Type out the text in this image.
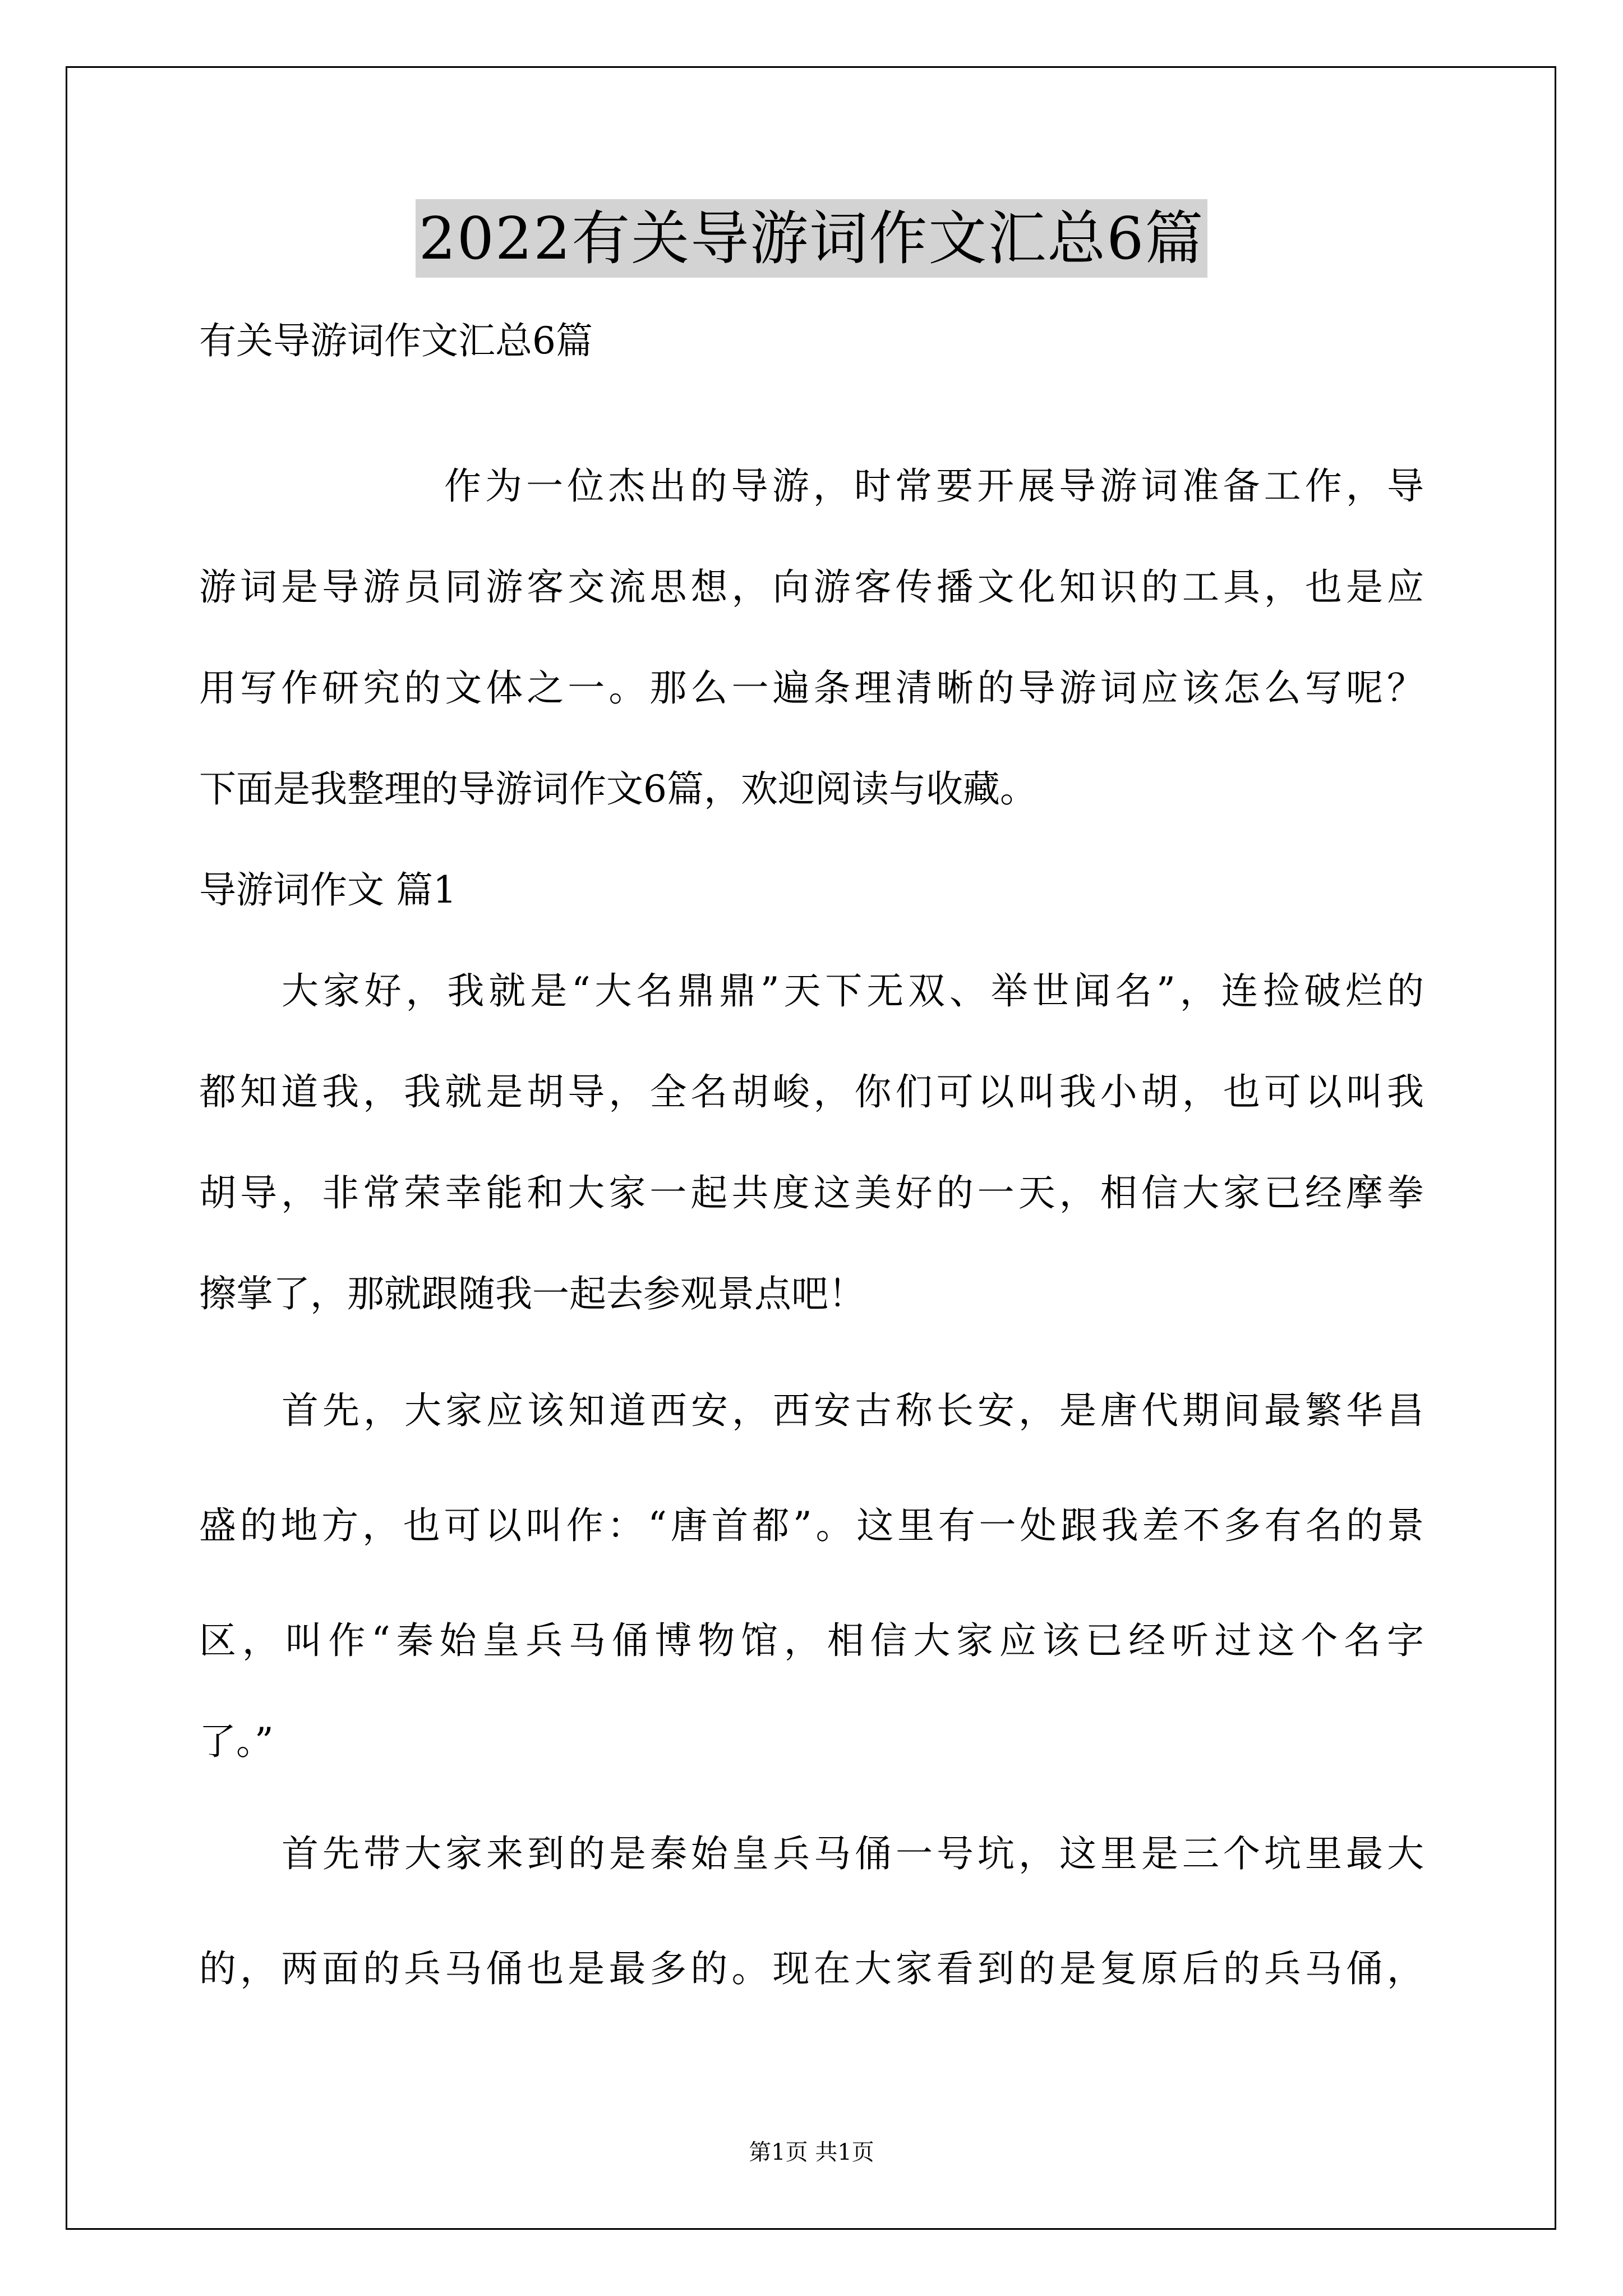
2022有关导游词作文汇总6篇
有关导游词作文汇总6篇
作为一位杰出的导游，时常要开展导游词准备工作，导
游词是导游员同游客交流思想，向游客传播文化知识的工具，也是应
用写作研究的文体之一。那么一遍条理清晰的导游词应该怎么写呢？
下面是我整理的导游词作文6篇，欢迎阅读与收藏。
导游词作文 篇1
大家好，我就是“大名鼎鼎”天下无双、举世闻名”，连捡破烂的
都知道我，我就是胡导，全名胡峻，你们可以叫我小胡，也可以叫我
胡导，非常荣幸能和大家一起共度这美好的一天，相信大家已经摩拳
擦掌了，那就跟随我一起去参观景点吧！
首先，大家应该知道西安，西安古称长安，是唐代期间最繁华昌
盛的地方，也可以叫作：“唐首都”。这里有一处跟我差不多有名的景
区，叫作“秦始皇兵马俑博物馆，相信大家应该已经听过这个名字
了。”
首先带大家来到的是秦始皇兵马俑一号坑，这里是三个坑里最大
的，两面的兵马俑也是最多的。现在大家看到的是复原后的兵马俑，
第1页 共1页
